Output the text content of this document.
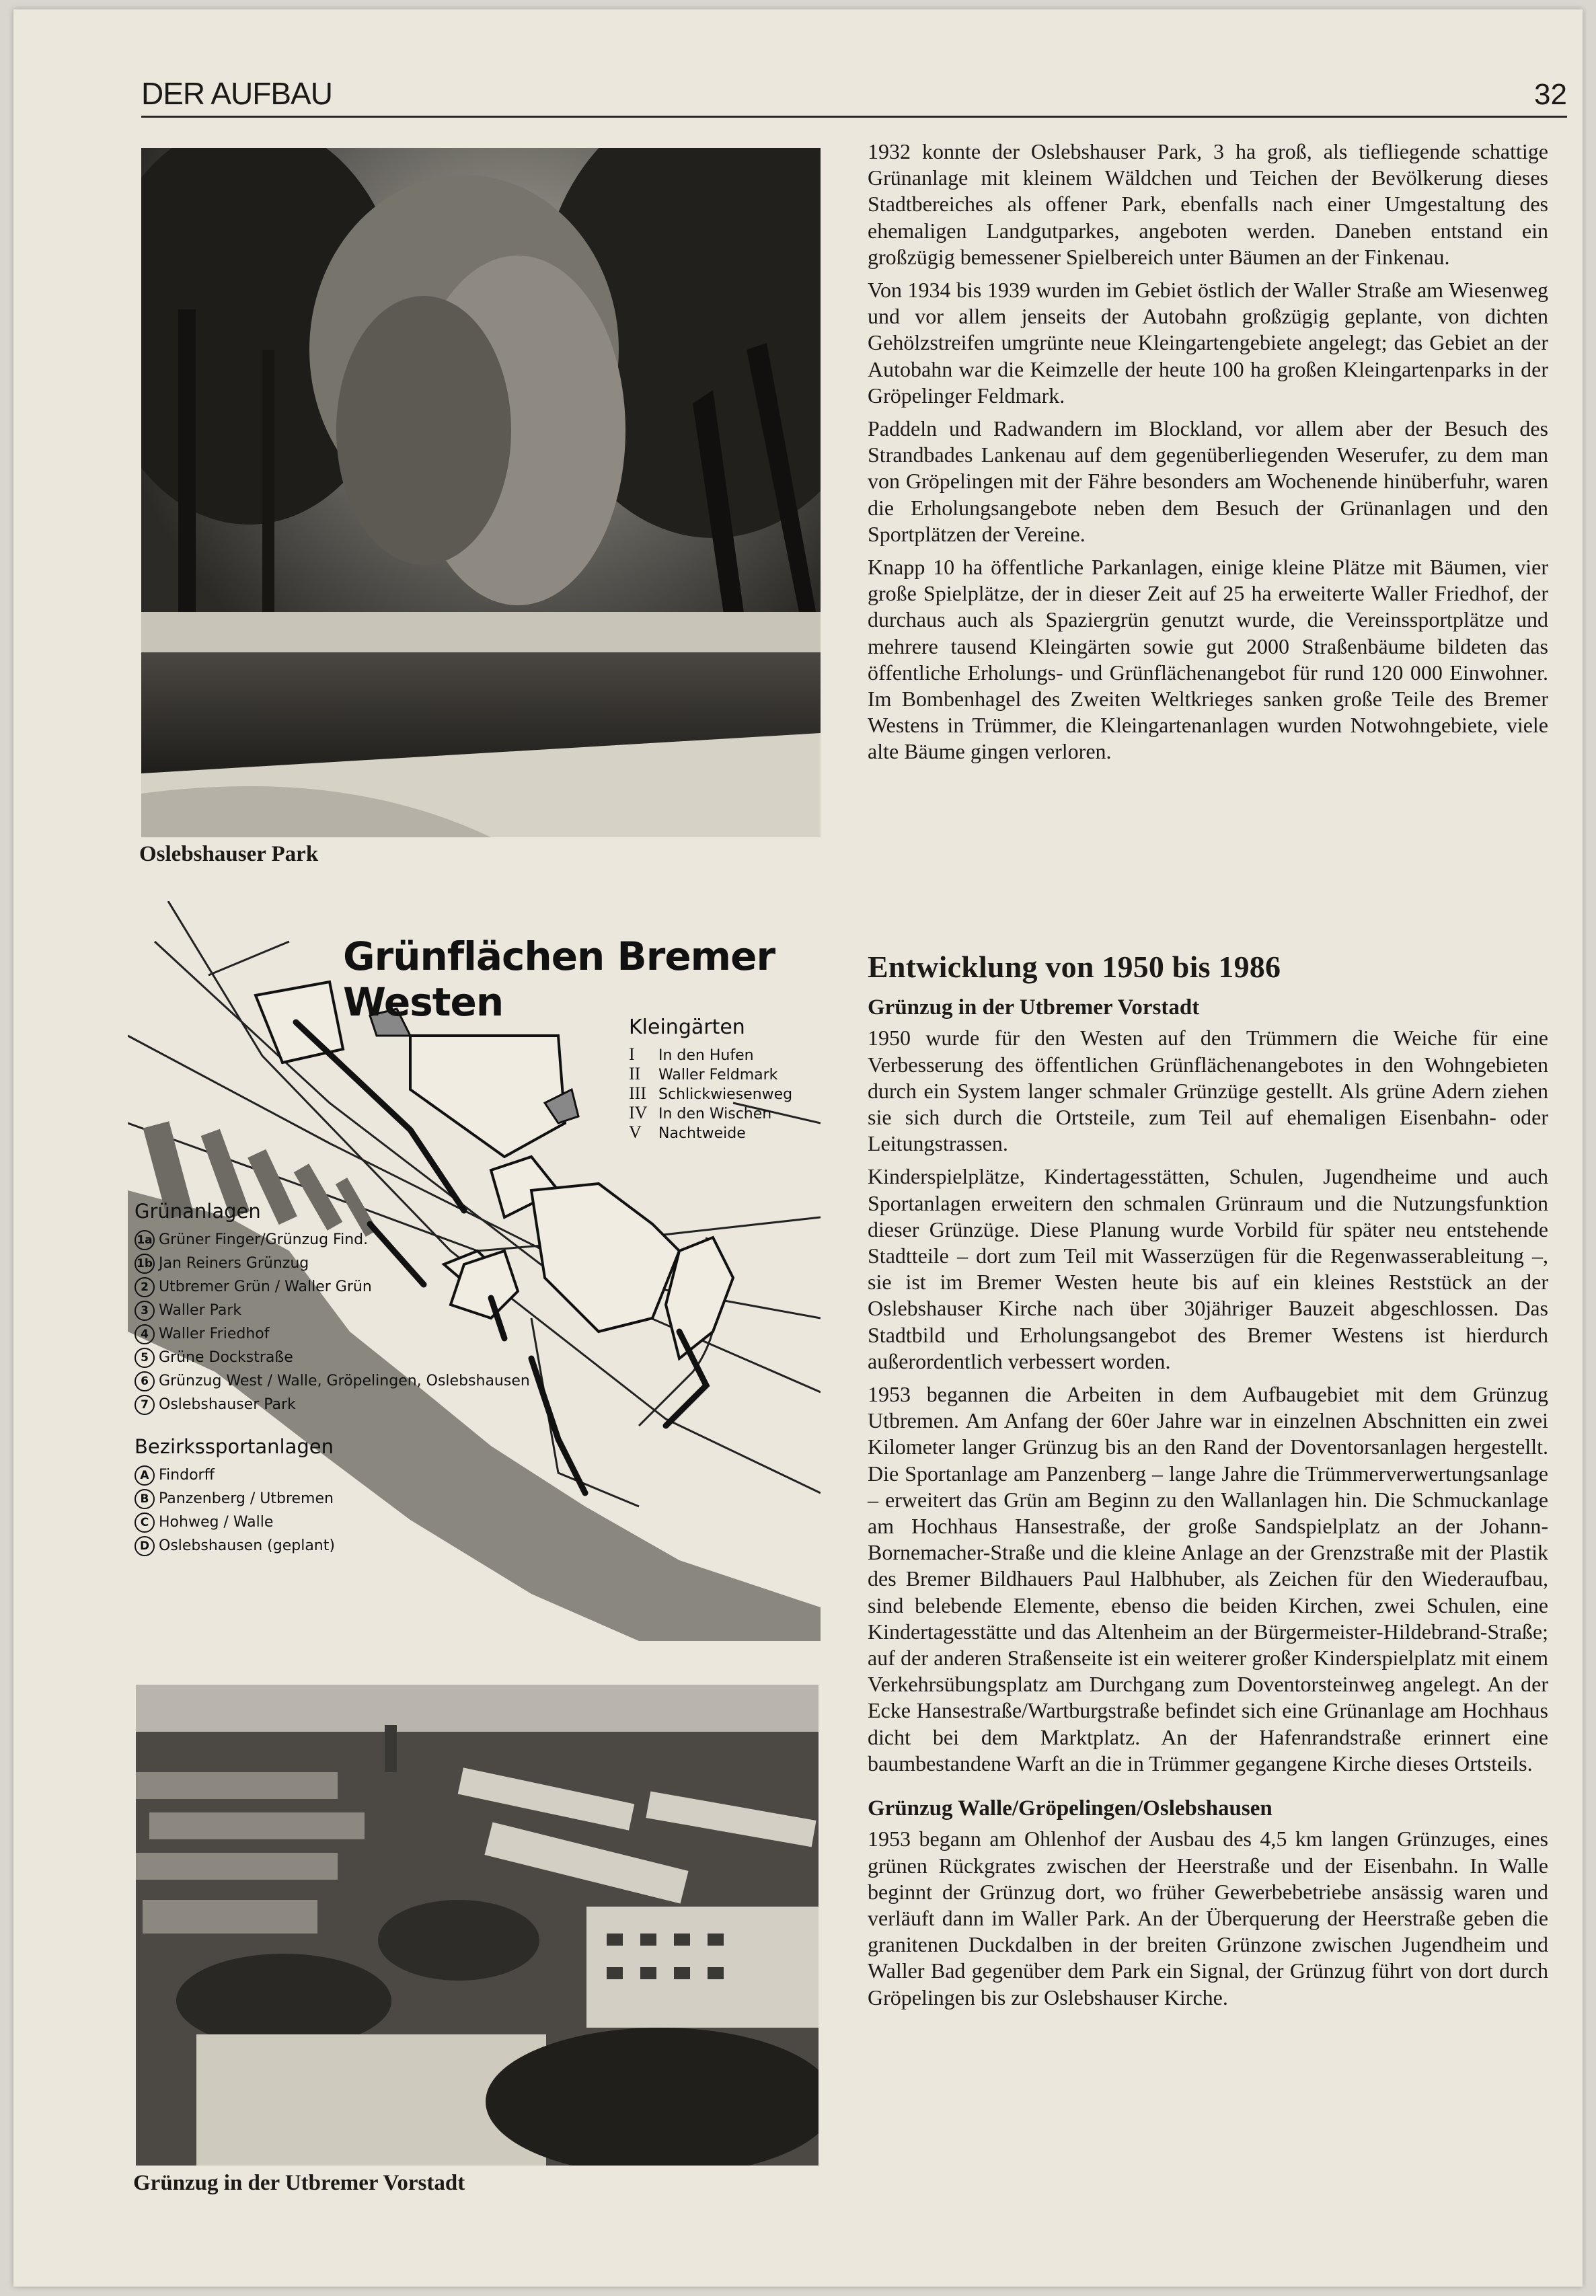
DER AUFBAU	32
Oslebshauser Park
Grünflächen Bremer Westen
Kleingärten
I In den Hufen
II Waller Feldmark
III Schlickwiesenweg
IV In den Wischen
V Nachtweide
Grünanlagen
1a Grüner Finger/Grünzug Find.
1b Jan Reiners Grünzug
2 Utbremer Grün / Waller Grün
3 Waller Park
4 Waller Friedhof
5 Grüne Dockstraße
6 Grünzug West / Walle, Gröpelingen, Oslebshausen
7 Oslebshauser Park
Bezirkssportanlagen
A Findorff
B Panzenberg / Utbremen
C Hohweg / Walle
D Oslebshausen (geplant)
Grünzug in der Utbremer Vorstadt

1932 konnte der Oslebshauser Park, 3 ha groß, als tiefliegende schattige Grünanlage mit kleinem Wäldchen und Teichen der Bevölkerung dieses Stadtbereiches als offener Park, ebenfalls nach einer Umgestaltung des ehemaligen Landgutparkes, angeboten werden. Daneben entstand ein großzügig bemessener Spielbereich unter Bäumen an der Finkenau.

Von 1934 bis 1939 wurden im Gebiet östlich der Waller Straße am Wiesenweg und vor allem jenseits der Autobahn großzügig geplante, von dichten Gehölzstreifen umgrünte neue Kleingartengebiete angelegt; das Gebiet an der Autobahn war die Keimzelle der heute 100 ha großen Kleingartenparks in der Gröpelinger Feldmark.

Paddeln und Radwandern im Blockland, vor allem aber der Besuch des Strandbades Lankenau auf dem gegenüberliegenden Weserufer, zu dem man von Gröpelingen mit der Fähre besonders am Wochenende hinüberfuhr, waren die Erholungsangebote neben dem Besuch der Grünanlagen und den Sportplätzen der Vereine.

Knapp 10 ha öffentliche Parkanlagen, einige kleine Plätze mit Bäumen, vier große Spielplätze, der in dieser Zeit auf 25 ha erweiterte Waller Friedhof, der durchaus auch als Spaziergrün genutzt wurde, die Vereinssportplätze und mehrere tausend Kleingärten sowie gut 2000 Straßenbäume bildeten das öffentliche Erholungs- und Grünflächenangebot für rund 120 000 Einwohner. Im Bombenhagel des Zweiten Weltkrieges sanken große Teile des Bremer Westens in Trümmer, die Kleingartenanlagen wurden Notwohngebiete, viele alte Bäume gingen verloren.

Entwicklung von 1950 bis 1986
Grünzug in der Utbremer Vorstadt

1950 wurde für den Westen auf den Trümmern die Weiche für eine Verbesserung des öffentlichen Grünflächenangebotes in den Wohngebieten durch ein System langer schmaler Grünzüge gestellt. Als grüne Adern ziehen sie sich durch die Ortsteile, zum Teil auf ehemaligen Eisenbahn- oder Leitungstrassen.

Kinderspielplätze, Kindertagesstätten, Schulen, Jugendheime und auch Sportanlagen erweitern den schmalen Grünraum und die Nutzungsfunktion dieser Grünzüge. Diese Planung wurde Vorbild für später neu entstehende Stadtteile – dort zum Teil mit Wasserzügen für die Regenwasserableitung –, sie ist im Bremer Westen heute bis auf ein kleines Reststück an der Oslebshauser Kirche nach über 30jähriger Bauzeit abgeschlossen. Das Stadtbild und Erholungsangebot des Bremer Westens ist hierdurch außerordentlich verbessert worden.

1953 begannen die Arbeiten in dem Aufbaugebiet mit dem Grünzug Utbremen. Am Anfang der 60er Jahre war in einzelnen Abschnitten ein zwei Kilometer langer Grünzug bis an den Rand der Doventorsanlagen hergestellt. Die Sportanlage am Panzenberg – lange Jahre die Trümmerverwertungsanlage – erweitert das Grün am Beginn zu den Wallanlagen hin. Die Schmuckanlage am Hochhaus Hansestraße, der große Sandspielplatz an der Johann-Bornemacher-Straße und die kleine Anlage an der Grenzstraße mit der Plastik des Bremer Bildhauers Paul Halbhuber, als Zeichen für den Wiederaufbau, sind belebende Elemente, ebenso die beiden Kirchen, zwei Schulen, eine Kindertagesstätte und das Altenheim an der Bürgermeister-Hildebrand-Straße; auf der anderen Straßenseite ist ein weiterer großer Kinderspielplatz mit einem Verkehrsübungsplatz am Durchgang zum Doventorsteinweg angelegt. An der Ecke Hansestraße/Wartburgstraße befindet sich eine Grünanlage am Hochhaus dicht bei dem Marktplatz. An der Hafenrandstraße erinnert eine baumbestandene Warft an die in Trümmer gegangene Kirche dieses Ortsteils.

Grünzug Walle/Gröpelingen/Oslebshausen

1953 begann am Ohlenhof der Ausbau des 4,5 km langen Grünzuges, eines grünen Rückgrates zwischen der Heerstraße und der Eisenbahn. In Walle beginnt der Grünzug dort, wo früher Gewerbebetriebe ansässig waren und verläuft dann im Waller Park. An der Überquerung der Heerstraße geben die granitenen Duckdalben in der breiten Grünzone zwischen Jugendheim und Waller Bad gegenüber dem Park ein Signal, der Grünzug führt von dort durch Gröpelingen bis zur Oslebshauser Kirche.
